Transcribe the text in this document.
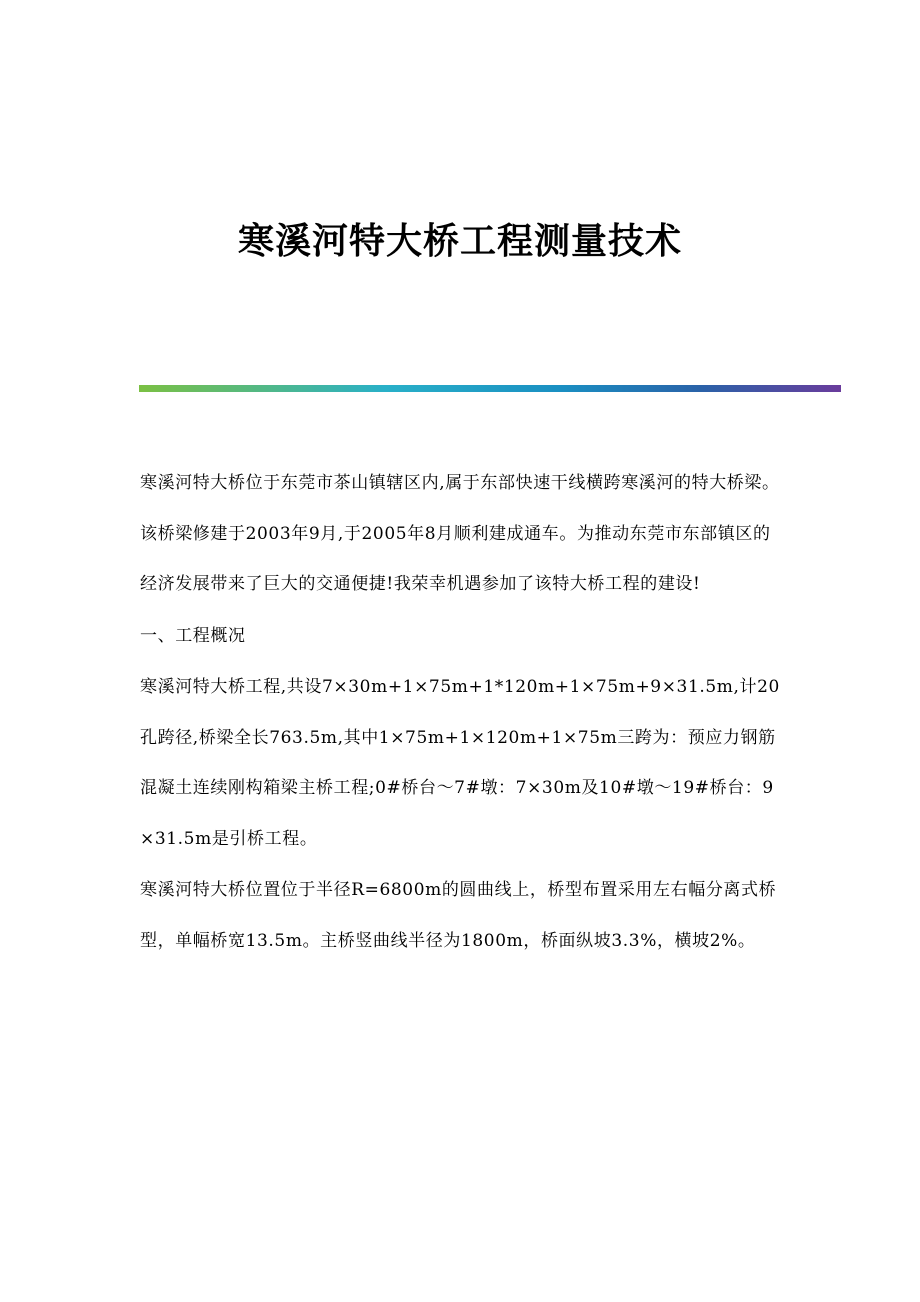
寒溪河特大桥工程测量技术

寒溪河特大桥位于东莞市茶山镇辖区内,属于东部快速干线横跨寒溪河的特大桥梁。该桥梁修建于2003年9月,于2005年8月顺利建成通车。为推动东莞市东部镇区的经济发展带来了巨大的交通便捷!我荣幸机遇参加了该特大桥工程的建设!

一、工程概况

寒溪河特大桥工程,共设7×30m+1×75m+1*120m+1×75m+9×31.5m,计20孔跨径,桥梁全长763.5m,其中1×75m+1×120m+1×75m三跨为：预应力钢筋混凝土连续刚构箱梁主桥工程;0#桥台～7#墩：7×30m及10#墩～19#桥台：9×31.5m是引桥工程。

寒溪河特大桥位置位于半径R=6800m的圆曲线上，桥型布置采用左右幅分离式桥型，单幅桥宽13.5m。主桥竖曲线半径为1800m，桥面纵坡3.3%，横坡2%。
